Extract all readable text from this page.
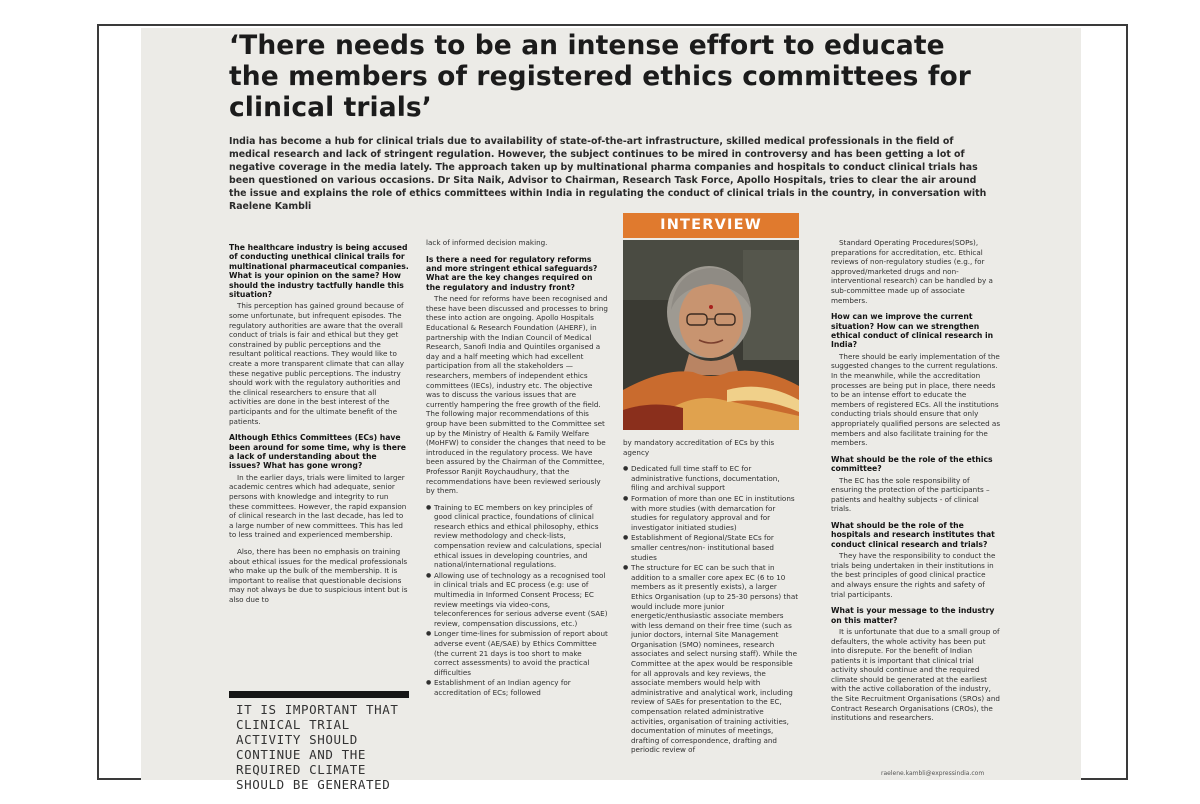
‘There needs to be an intense effort to educate the members of registered ethics committees for clinical trials’

India has become a hub for clinical trials due to availability of state-of-the-art infrastructure, skilled medical professionals in the field of medical research and lack of stringent regulation. However, the subject continues to be mired in controversy and has been getting a lot of negative coverage in the media lately. The approach taken up by multinational pharma companies and hospitals to conduct clinical trials has been questioned on various occasions. Dr Sita Naik, Advisor to Chairman, Research Task Force, Apollo Hospitals, tries to clear the air around the issue and explains the role of ethics committees within India in regulating the conduct of clinical trials in the country, in conversation with Raelene Kambli

The healthcare industry is being accused of conducting unethical clinical trails for multinational pharmaceutical companies. What is your opinion on the same? How should the industry tactfully handle this situation?
This perception has gained ground because of some unfortunate, but infrequent episodes. The regulatory authorities are aware that the overall conduct of trials is fair and ethical but they get constrained by public perceptions and the resultant political reactions. They would like to create a more transparent climate that can allay these negative public perceptions. The industry should work with the regulatory authorities and the clinical researchers to ensure that all activities are done in the best interest of the participants and for the ultimate benefit of the patients.
Although Ethics Committees (ECs) have been around for some time, why is there a lack of understanding about the issues? What has gone wrong?
In the earlier days, trials were limited to larger academic centres which had adequate, senior persons with knowledge and integrity to run these committees. However, the rapid expansion of clinical research in the last decade, has led to a large number of new committees. This has led to less trained and experienced membership.
Also, there has been no emphasis on training about ethical issues for the medical professionals who make up the bulk of the membership. It is important to realise that questionable decisions may not always be due to suspicious intent but is also due to

IT IS IMPORTANT THAT CLINICAL TRIAL ACTIVITY SHOULD CONTINUE AND THE REQUIRED CLIMATE SHOULD BE GENERATED

lack of informed decision making.
Is there a need for regulatory reforms and more stringent ethical safeguards? What are the key changes required on the regulatory and industry front?
The need for reforms have been recognised and these have been discussed and processes to bring these into action are ongoing. Apollo Hospitals Educational & Research Foundation (AHERF), in partnership with the Indian Council of Medical Research, Sanofi India and Quintiles organised a day and a half meeting which had excellent participation from all the stakeholders — researchers, members of independent ethics committees (IECs), industry etc. The objective was to discuss the various issues that are currently hampering the free growth of the field. The following major recommendations of this group have been submitted to the Committee set up by the Ministry of Health & Family Welfare (MoHFW) to consider the changes that need to be introduced in the regulatory process. We have been assured by the Chairman of the Committee, Professor Ranjit Roychaudhury, that the recommendations have been reviewed seriously by them.
● Training to EC members on key principles of good clinical practice, foundations of clinical research ethics and ethical philosophy, ethics review methodology and check-lists, compensation review and calculations, special ethical issues in developing countries, and national/international regulations.
● Allowing use of technology as a recognised tool in clinical trials and EC process (e.g: use of multimedia in Informed Consent Process; EC review meetings via video-cons, teleconferences for serious adverse event (SAE) review, compensation discussions, etc.)
● Longer time-lines for submission of report about adverse event (AE/SAE) by Ethics Committee (the current 21 days is too short to make correct assessments) to avoid the practical difficulties
● Establishment of an Indian agency for accreditation of ECs; followed
INTERVIEW
by mandatory accreditation of ECs by this agency
● Dedicated full time staff to EC for administrative functions, documentation, filing and archival support
● Formation of more than one EC in institutions with more studies (with demarcation for studies for regulatory approval and for investigator initiated studies)
● Establishment of Regional/State ECs for smaller centres/non- institutional based studies
● The structure for EC can be such that in addition to a smaller core apex EC (6 to 10 members as it presently exists), a larger Ethics Organisation (up to 25-30 persons) that would include more junior energetic/enthusiastic associate members with less demand on their free time (such as junior doctors, internal Site Management Organisation (SMO) nominees, research associates and select nursing staff). While the Committee at the apex would be responsible for all approvals and key reviews, the associate members would help with administrative and analytical work, including review of SAEs for presentation to the EC, compensation related administrative activities, organisation of training activities, documentation of minutes of meetings, drafting of correspondence, drafting and periodic review of
Standard Operating Procedures(SOPs), preparations for accreditation, etc. Ethical reviews of non-regulatory studies (e.g., for approved/marketed drugs and non-interventional research) can be handled by a sub-committee made up of associate members.
How can we improve the current situation? How can we strengthen ethical conduct of clinical research in India?
There should be early implementation of the suggested changes to the current regulations. In the meanwhile, while the accreditation processes are being put in place, there needs to be an intense effort to educate the members of registered ECs. All the institutions conducting trials should ensure that only appropriately qualified persons are selected as members and also facilitate training for the members.
What should be the role of the ethics committee?
The EC has the sole responsibility of ensuring the protection of the participants – patients and healthy subjects - of clinical trials.
What should be the role of the hospitals and research institutes that conduct clinical research and trials?
They have the responsibility to conduct the trials being undertaken in their institutions in the best principles of good clinical practice and always ensure the rights and safety of trial participants.
What is your message to the industry on this matter?
It is unfortunate that due to a small group of defaulters, the whole activity has been put into disrepute. For the benefit of Indian patients it is important that clinical trial activity should continue and the required climate should be generated at the earliest with the active collaboration of the industry, the Site Recruitment Organisations (SROs) and Contract Research Organisations (CROs), the institutions and researchers.
raelene.kambli@expressindia.com
